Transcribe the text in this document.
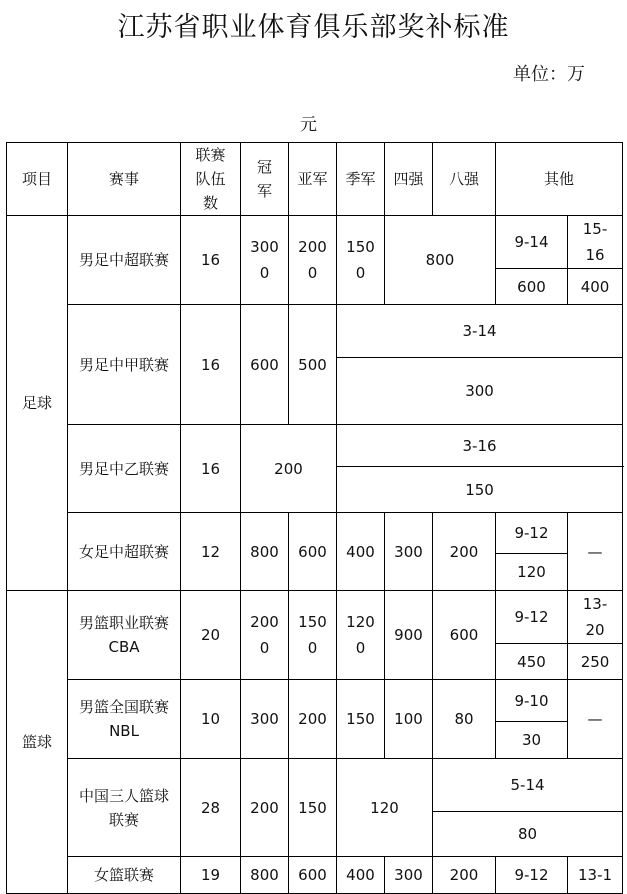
江苏省职业体育俱乐部奖补标准
单位：万
元
项目	赛事	联赛队伍数	冠军	亚军	季军	四强	八强	其他		
足球	男足中超联赛	16	3000	2000	1500	800		9-14	15-16	
								600	400	
	男足中甲联赛	16	600	500	3-14	
					300	
	男足中乙联赛	16	200		3-16					
					150					
	女足中超联赛	12	800	600	400	300	200	9-12	—	
								120		
篮球	男篮职业联赛CBA	20	2000	1500	1200	900	600	9-12	13-20	
								450	250	
	男篮全国联赛NBL	10	300	200	150	100	80	9-10	—	
								30		
	中国三人篮球联赛	28	200	150	120		5-14	
							80	
	女篮联赛	19	800	600	400	300	200	9-12	13-1	
